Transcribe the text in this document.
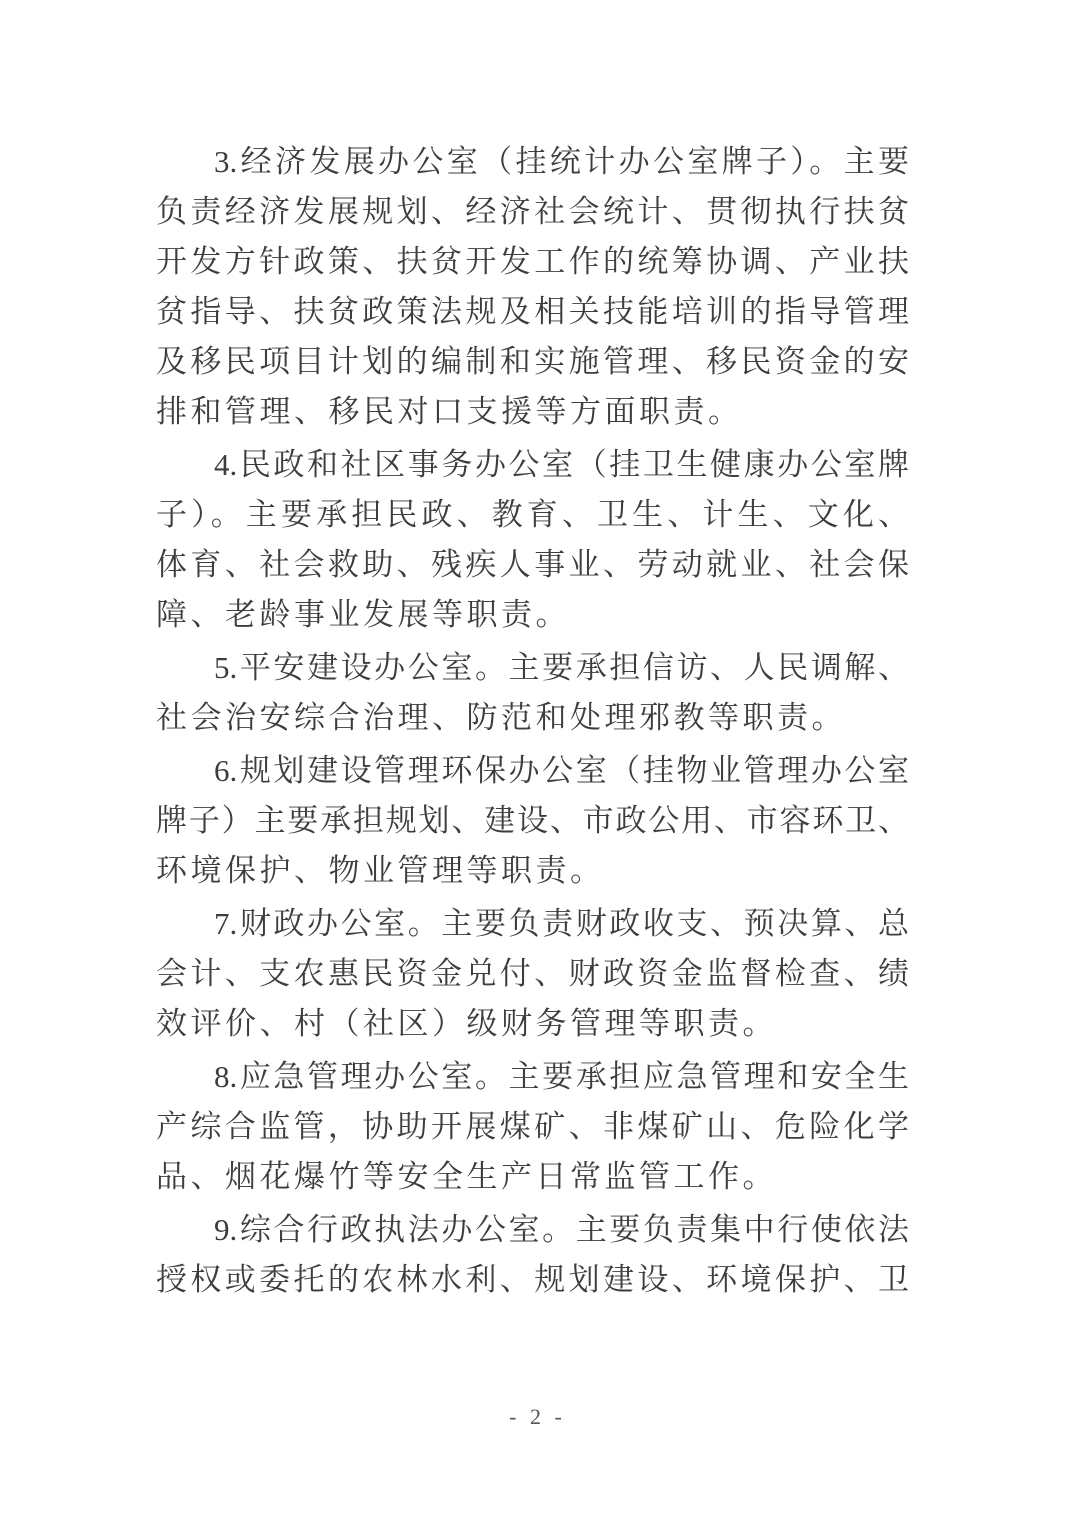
3.经济发展办公室（挂统计办公室牌子）。主要
负责经济发展规划、经济社会统计、贯彻执行扶贫
开发方针政策、扶贫开发工作的统筹协调、产业扶
贫指导、扶贫政策法规及相关技能培训的指导管理
及移民项目计划的编制和实施管理、移民资金的安
排和管理、移民对口支援等方面职责。
4.民政和社区事务办公室（挂卫生健康办公室牌
子）。主要承担民政、教育、卫生、计生、文化、
体育、社会救助、残疾人事业、劳动就业、社会保
障、老龄事业发展等职责。
5.平安建设办公室。主要承担信访、人民调解、
社会治安综合治理、防范和处理邪教等职责。
6.规划建设管理环保办公室（挂物业管理办公室
牌子）主要承担规划、建设、市政公用、市容环卫、
环境保护、物业管理等职责。
7.财政办公室。主要负责财政收支、预决算、总
会计、支农惠民资金兑付、财政资金监督检查、绩
效评价、村（社区）级财务管理等职责。
8.应急管理办公室。主要承担应急管理和安全生
产综合监管，协助开展煤矿、非煤矿山、危险化学
品、烟花爆竹等安全生产日常监管工作。
9.综合行政执法办公室。主要负责集中行使依法
授权或委托的农林水利、规划建设、环境保护、卫
- 2 -
